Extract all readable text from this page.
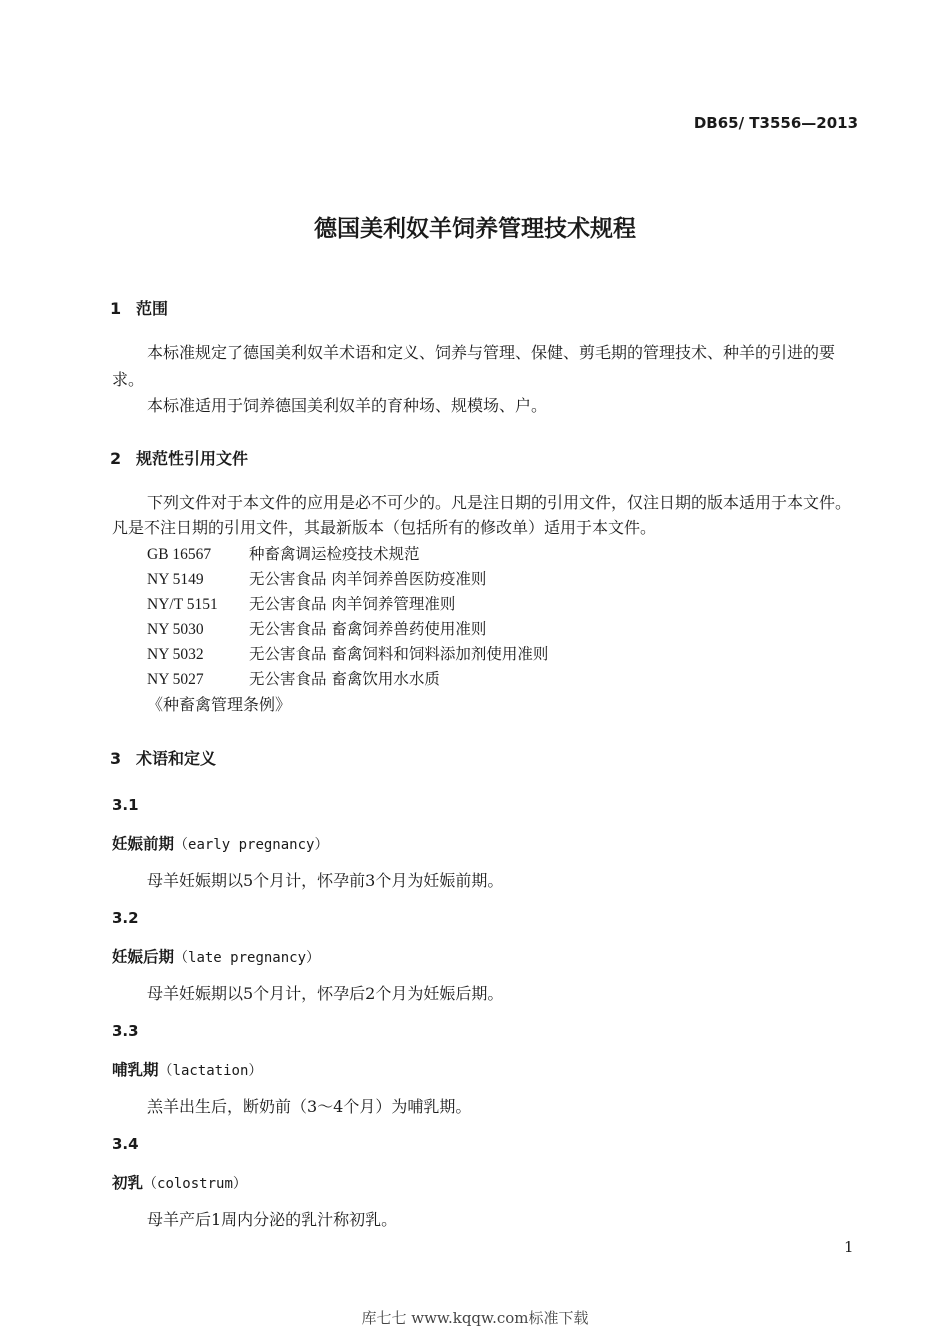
DB65/ T3556—2013
德国美利奴羊饲养管理技术规程
1 范围
本标准规定了德国美利奴羊术语和定义、饲养与管理、保健、剪毛期的管理技术、种羊的引进的要
求。
本标准适用于饲养德国美利奴羊的育种场、规模场、户。
2 规范性引用文件
下列文件对于本文件的应用是必不可少的。凡是注日期的引用文件，仅注日期的版本适用于本文件。
凡是不注日期的引用文件，其最新版本（包括所有的修改单）适用于本文件。
GB 16567 种畜禽调运检疫技术规范
NY 5149	无公害食品 肉羊饲养兽医防疫准则
NY/T 5151 无公害食品 肉羊饲养管理准则
NY 5030	无公害食品 畜禽饲养兽药使用准则
NY 5032	无公害食品 畜禽饲料和饲料添加剂使用准则
NY 5027	无公害食品 畜禽饮用水水质
《种畜禽管理条例》
3 术语和定义
3.1
妊娠前期（early pregnancy）
母羊妊娠期以5个月计，怀孕前3个月为妊娠前期。
3.2
妊娠后期（late pregnancy）
母羊妊娠期以5个月计，怀孕后2个月为妊娠后期。
3.3
哺乳期（lactation）
羔羊出生后，断奶前（3～4个月）为哺乳期。
3.4
初乳（colostrum）
母羊产后1周内分泌的乳汁称初乳。
1
库七七 www.kqqw.com标准下载
